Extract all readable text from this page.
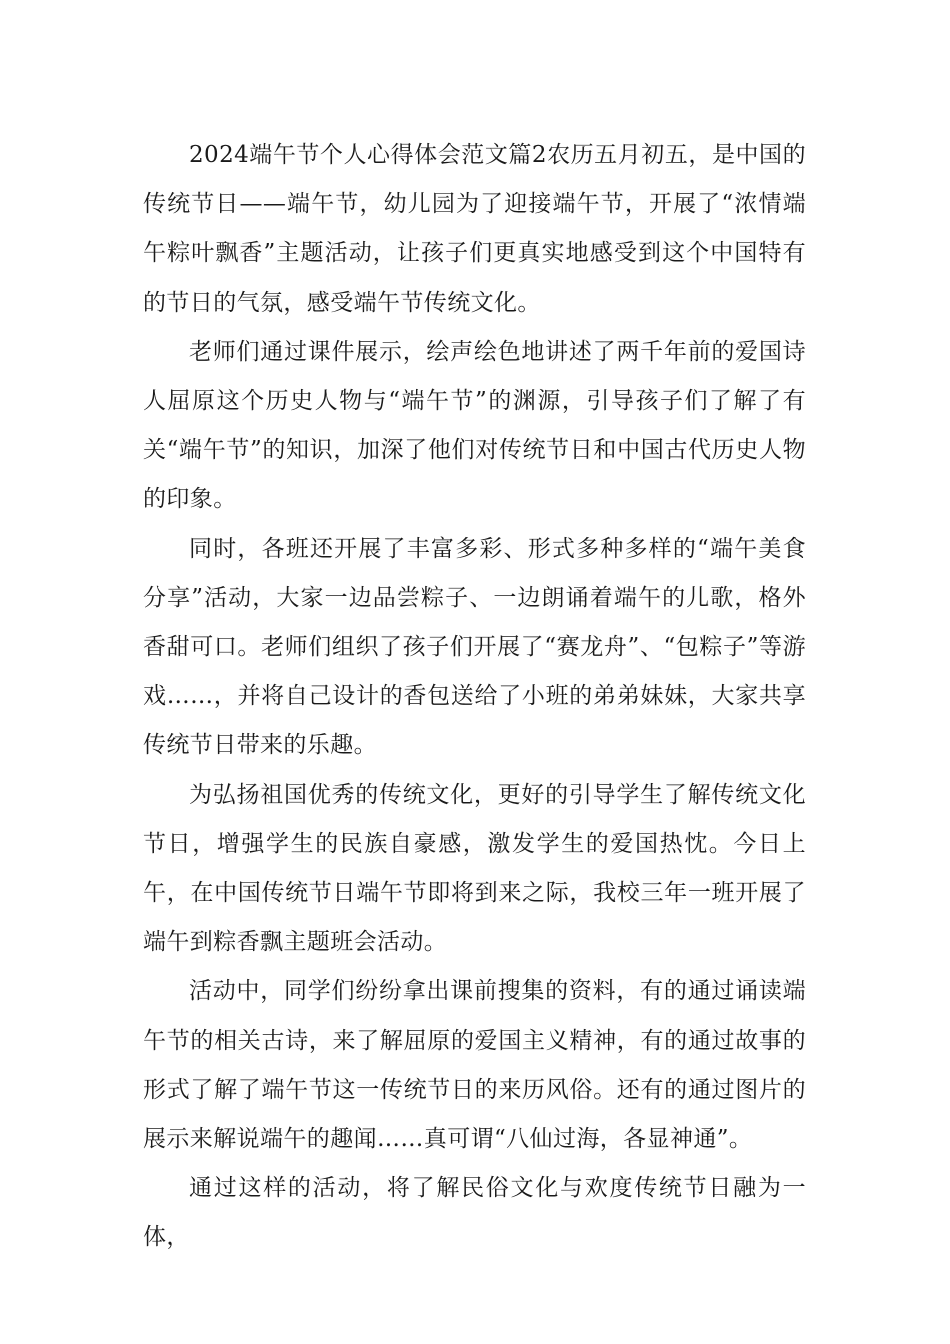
2024端午节个人心得体会范文篇2农历五月初五，是中国的传统节日——端午节，幼儿园为了迎接端午节，开展了“浓情端午粽叶飘香”主题活动，让孩子们更真实地感受到这个中国特有的节日的气氛，感受端午节传统文化。

老师们通过课件展示，绘声绘色地讲述了两千年前的爱国诗人屈原这个历史人物与“端午节”的渊源，引导孩子们了解了有关“端午节”的知识，加深了他们对传统节日和中国古代历史人物的印象。

同时，各班还开展了丰富多彩、形式多种多样的“端午美食分享”活动，大家一边品尝粽子、一边朗诵着端午的儿歌，格外香甜可口。老师们组织了孩子们开展了“赛龙舟”、“包粽子”等游戏……，并将自己设计的香包送给了小班的弟弟妹妹，大家共享传统节日带来的乐趣。

为弘扬祖国优秀的传统文化，更好的引导学生了解传统文化节日，增强学生的民族自豪感，激发学生的爱国热忱。今日上午，在中国传统节日端午节即将到来之际，我校三年一班开展了端午到粽香飘主题班会活动。

活动中，同学们纷纷拿出课前搜集的资料，有的通过诵读端午节的相关古诗，来了解屈原的爱国主义精神，有的通过故事的形式了解了端午节这一传统节日的来历风俗。还有的通过图片的展示来解说端午的趣闻……真可谓“八仙过海，各显神通”。

通过这样的活动，将了解民俗文化与欢度传统节日融为一体，
